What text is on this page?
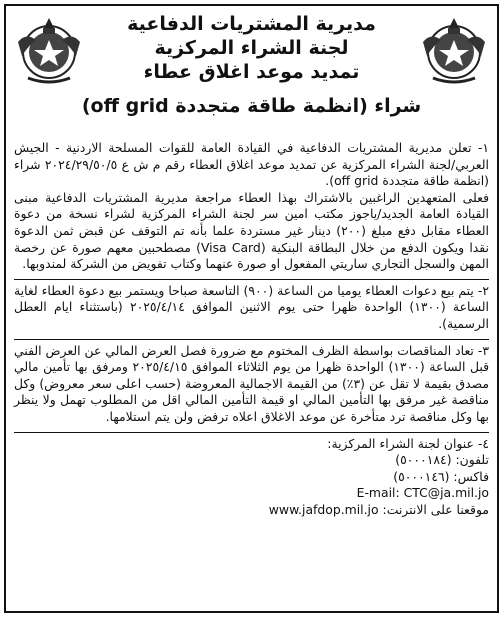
مديرية المشتريات الدفاعية
لجنة الشراء المركزية
تمديد موعد اغلاق عطاء
شراء (انظمة طاقة متجددة off grid)

١- تعلن مديرية المشتريات الدفاعية في القيادة العامة للقوات المسلحة الاردنية - الجيش العربي/لجنة الشراء المركزية عن تمديد موعد اغلاق العطاء رقم م ش ع ٢٠٢٤/٢٩/٥٠/٥ شراء (انظمة طاقة متجددة off grid).

فعلى المتعهدين الراغبين بالاشتراك بهذا العطاء مراجعة مديرية المشتريات الدفاعية مبنى القيادة العامة الجديد/ياجوز مكتب امين سر لجنة الشراء المركزية لشراء نسخة من دعوة العطاء مقابل دفع مبلغ (٢٠٠) دينار غير مستردة علما بأنه تم التوقف عن قبض ثمن الدعوة نقدا ويكون الدفع من خلال البطاقة البنكية (Visa Card) مصطحبين معهم صورة عن رخصة المهن والسجل التجاري ساريتي المفعول او صورة عنهما وكتاب تفويض من الشركة لمندوبها.

٢- يتم بيع دعوات العطاء يوميا من الساعة (٩٠٠) التاسعة صباحا ويستمر بيع دعوة العطاء لغاية الساعة (١٣٠٠) الواحدة ظهرا حتى يوم الاثنين الموافق ٢٠٢٥/٤/١٤ (باستثناء ايام العطل الرسمية).

٣- تعاد المناقصات بواسطة الظرف المختوم مع ضرورة فصل العرض المالي عن العرض الفني قبل الساعة (١٣٠٠) الواحدة ظهرا من يوم الثلاثاء الموافق ٢٠٢٥/٤/١٥ ومرفق بها تأمين مالي مصدق بقيمة لا تقل عن (٣٪) من القيمة الاجمالية المعروضة (حسب اعلى سعر معروض) وكل مناقصة غير مرفق بها التأمين المالي او قيمة التأمين المالي اقل من المطلوب تهمل ولا ينظر بها وكل مناقصة ترد متأخرة عن موعد الاغلاق اعلاه ترفض ولن يتم استلامها.

٤- عنوان لجنة الشراء المركزية:

تلفون: (٥٠٠٠١٨٤)

فاكس: (٥٠٠٠١٤٦)

E-mail: CTC@ja.mil.jo

موقعنا على الانترنت: www.jafdop.mil.jo
